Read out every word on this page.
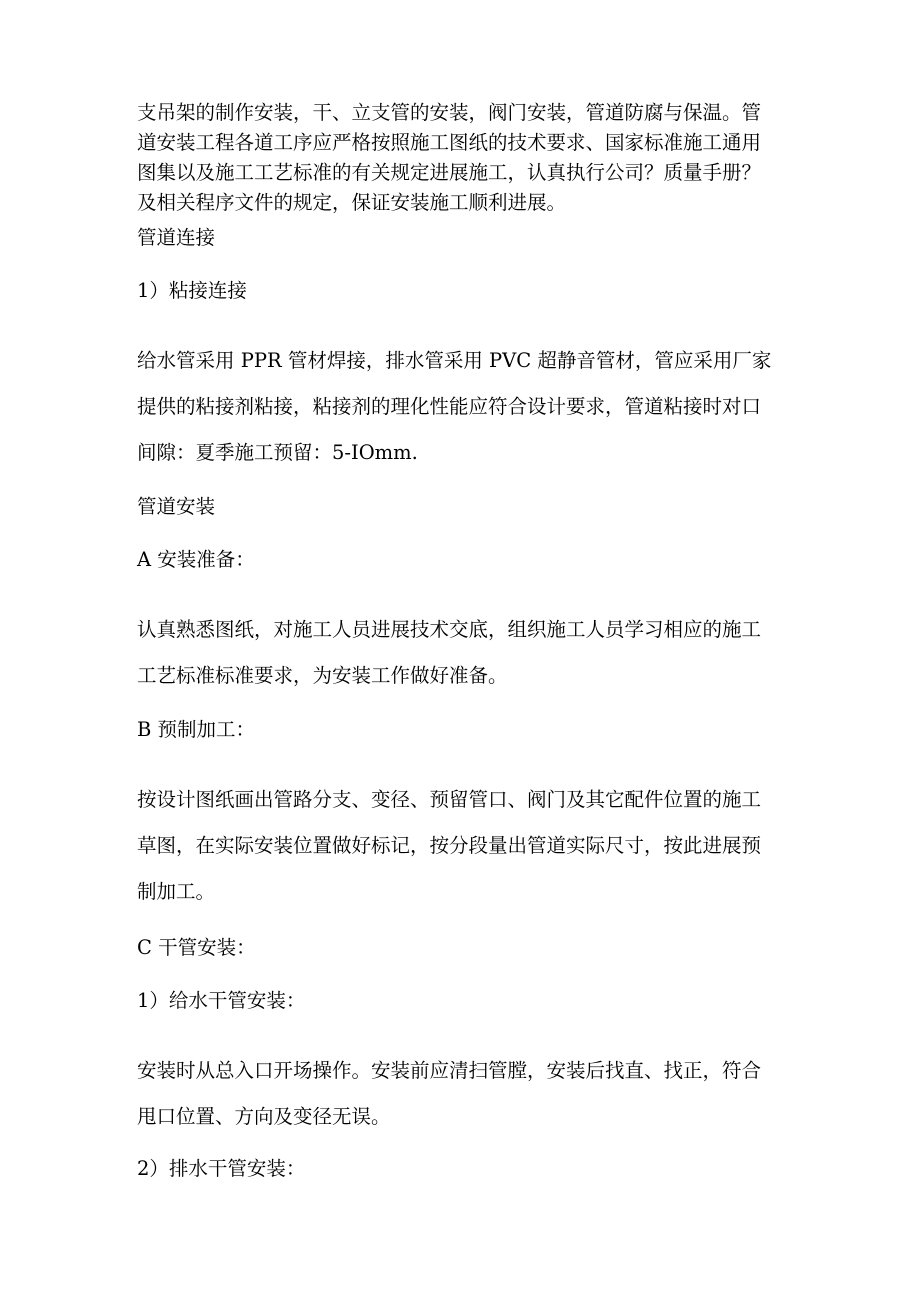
支吊架的制作安装，干、立支管的安装，阀门安装，管道防腐与保温。管
道安装工程各道工序应严格按照施工图纸的技术要求、国家标准施工通用
图集以及施工工艺标准的有关规定进展施工，认真执行公司？质量手册？
及相关程序文件的规定，保证安装施工顺利进展。
管道连接
1）粘接连接
给水管采用 PPR 管材焊接，排水管采用 PVC 超静音管材，管应采用厂家
提供的粘接剂粘接，粘接剂的理化性能应符合设计要求，管道粘接时对口
间隙：夏季施工预留：5-IOmm.
管道安装
A 安装准备：
认真熟悉图纸，对施工人员进展技术交底，组织施工人员学习相应的施工
工艺标准标准要求，为安装工作做好准备。
B 预制加工：
按设计图纸画出管路分支、变径、预留管口、阀门及其它配件位置的施工
草图，在实际安装位置做好标记，按分段量出管道实际尺寸，按此进展预
制加工。
C 干管安装：
1）给水干管安装：
安装时从总入口开场操作。安装前应清扫管膛，安装后找直、找正，符合
甩口位置、方向及变径无误。
2）排水干管安装：
